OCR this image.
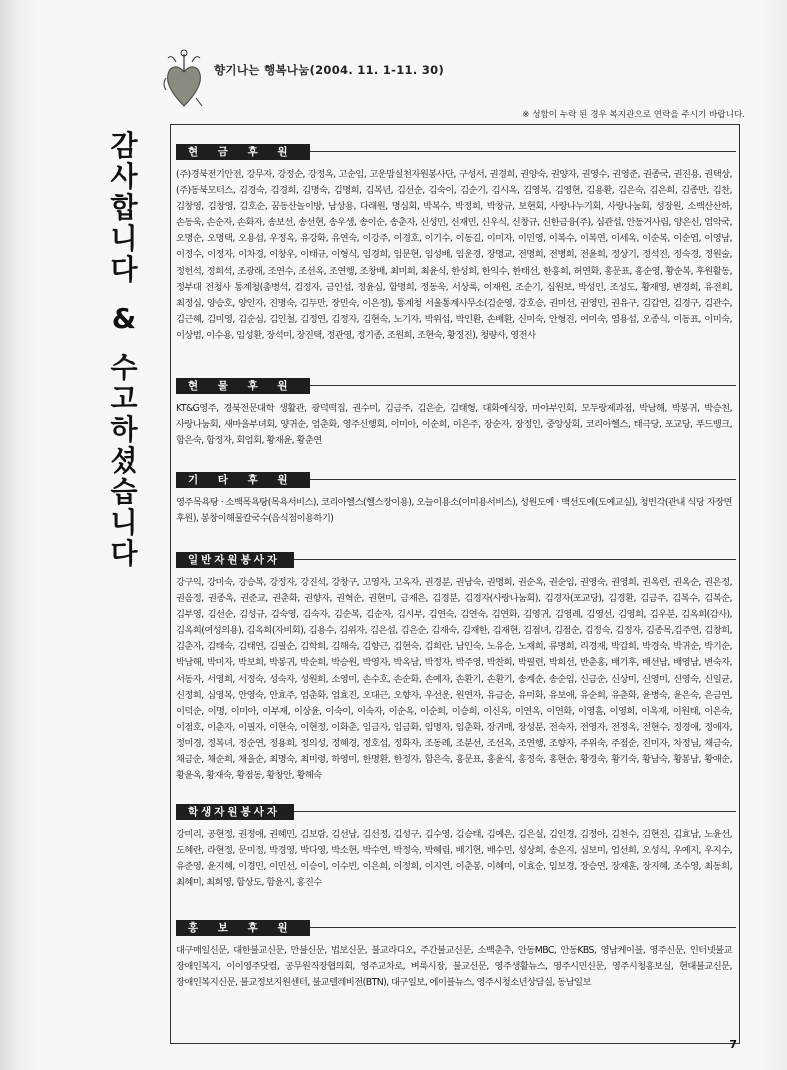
향기나는 행복나눔(2004. 11. 1-11. 30)
※ 성함이 누락 된 경우 복지관으로 연락을 주시기 바랍니다.
감
사
합
니
다
&
수
고
하
셨
습
니
다
현 금 후 원
(주)경북전기안전, 강무자, 강정순, 강정옥, 고순임, 고운맘실천자원봉사단, 구성서, 권경희, 권양숙, 권양자, 권영수, 권영준, 권종국, 권진용, 권택상, (주)동북모터스, 김경숙, 김경희, 김명숙, 김명희, 김복년, 김선순, 김숙이, 김순기, 김시옥, 김영복, 김영현, 김용환, 김은숙, 김은희, 김종만, 김찬, 김창영, 김창영, 김호순, 꿈동산놀이방, 남상용, 다래원, 명심회, 박복수, 박정희, 박창규, 보현회, 사랑나누기회, 사랑나눔회, 성장원, 소백산산하, 손동욱, 손순자, 손화자, 송보선, 송선현, 송우생, 송이순, 송춘자, 신성민, 신재민, 신우식, 신창규, 신한금융(주), 심관섭, 안동거사림, 양은신, 엄악국, 오명순, 오명택, 오용섭, 우정옥, 유강화, 유연숙, 이강주, 이경호, 이기수, 이동길, 이미자, 이민영, 이복수, 이복연, 이세옥, 이순복, 이순엽, 이영남, 이정수, 이정자, 이차경, 이창우, 이태규, 이형식, 임경희, 임문현, 임성배, 임운경, 장명교, 전명희, 전병희, 전윤희, 정상기, 정석진, 정숙경, 정원술, 정헌석, 정희석, 조광래, 조연수, 조선옥, 조연행, 조창배, 최미희, 최윤식, 한성희, 한익수, 한태선, 한흥희, 허연화, 홍문표, 홍순영, 황순복, 후원활동, 정부대 전청사 통계청(총병석, 김정자, 금인섭, 정윤심, 함명희, 정동욱, 서상록, 이재원, 조순기, 심원보, 박성인, 조성도, 황재영, 변경희, 유전희, 최정심, 양승호, 양인자, 진명숙, 김두만, 장민숙, 이은정), 통계청 서울통계사무소(김순영, 강호승, 권미선, 권영민, 권유구, 김갑연, 김경구, 김관수, 김근혜, 김미영, 김순심, 김인철, 김정연, 김정자, 김현숙, 노기자, 박위섭, 박인환, 손배환, 신미숙, 안형진, 여미숙, 염용섭, 오종식, 이동표, 이미숙, 이상범, 이수용, 임성환, 장석미, 장진택, 정관영, 정기종, 조원희, 조현숙, 황정진), 청량사, 영전사
현 물 후 원
KT&G영주, 경북전문대학 생활관, 광덕떡집, 권수미, 김금주, 김은순, 김태형, 대화예식장, 마야부인회, 모두랑제과점, 박남해, 박봉귀, 박승천, 사랑나눔회, 새마을부녀회, 양귀순, 엄춘화, 영주신행회, 이미아, 이순희, 이은주, 장순자, 장정인, 중앙상회, 코리아헬스, 태극당, 포교당, 푸드뱅크, 함은숙, 함정자, 회엄회, 황재윤, 황춘연
기 타 후 원
영주목욕탕 · 소백목욕탕(목욕서비스), 코리아헬스(헬스장이용), 오늘이용소(이미용서비스), 성원도예 · 백선도예(도예교실), 청빈각(관내 식당 자장면 후원), 봉창이해물칼국수(음식점이용하기)
일반자원봉사자
강구익, 강미숙, 강승복, 강정자, 강진석, 강창구, 고영자, 고옥자, 권경분, 권남숙, 권명희, 권순옥, 권순임, 권영숙, 권영희, 권옥련, 권옥순, 권은정, 권음정, 권종옥, 권준교, 권춘화, 권향자, 권혁순, 권현미, 금재은, 김경분, 김경자(사랑나눔회), 김경자(포교당), 김경환, 김금주, 김복수, 김복순, 김부영, 김선순, 김성규, 김숙영, 김숙자, 김순복, 김순자, 김시부, 김연숙, 김연숙, 김연화, 김영귀, 김영례, 김영선, 김영희, 김우분, 김옥희(감사), 김옥희(여성의용), 김옥희(자비회), 김용수, 김위자, 김은섭, 김은순, 김재숙, 김재한, 김재현, 김점녀, 김점순, 김정숙, 김정자, 김종목,김주연, 김창희, 김춘자, 김태숙, 김태연, 김필순, 김학희, 김해숙, 김향근, 김현숙, 김희란, 남인숙, 노유순, 노재희, 류명희, 리경재, 박갑희, 박경숙, 박귀순, 박기순, 박남해, 박미자, 박보희, 박봉귀, 박순희, 박승원, 박영자, 박옥남, 박정자, 박주영, 박찬희, 박필련, 박희선, 반춘홍, 배기후, 배선남, 배영남, 변숙자, 서동자, 서영희, 서정숙, 성숙자, 성원희, 소영미, 손수호, 손순화, 손예자, 손환기, 손환기, 송계순, 송순임, 신금순, 신상미, 신영미, 신영숙, 신일균, 신정희, 심영복, 안영숙, 안효주, 엄춘화, 엄효진, 오대근, 오향자, 우선운, 원연자, 유금순, 유미화, 유보애, 유순희, 유춘화, 윤병숙, 윤은숙, 은금연, 이덕순, 이명, 이미아, 이부재, 이상윤, 이숙이, 이숙자, 이순옥, 이순희, 이승희, 이신옥, 이연옥, 이연화, 이영흠, 이영희, 이옥재, 이원태, 이은숙, 이점호, 이춘자, 이필자, 이현숙, 이현정, 이화춘, 임금자, 임금화, 임명자, 임춘화, 장귀매, 장성분, 전숙자, 전영자, 전정옥, 전현수, 정경애, 정애자, 정미경, 정복녀, 정순연, 정용희, 정의성, 정혜경, 정호섭, 정화자, 조동례, 조분선, 조선옥, 조연행, 조향자, 주위숙, 주점순, 진미자, 차정님, 채금숙, 채금순, 채순희, 채을순, 최명숙, 최미령, 하영미, 한명환, 한정자, 함은숙, 홍문표, 홍윤식, 홍정숙, 홍현순, 황경숙, 황기숙, 황남숙, 황봉남, 황애순, 황윤옥, 황재숙, 황점동, 황창안, 황해숙
학생자원봉사자
강미리, 공현정, 권정애, 권혜민, 김보람, 김선남, 김선정, 김성구, 김수영, 김승태, 김예은, 김은실, 김인경, 김정아, 김천수, 김현진, 김효남, 노윤선, 도혜란, 라현정, 문미정, 박경영, 박다영, 박소현, 박수연, 박정숙, 박혜림, 배기현, 배수민, 성상희, 송은지, 심보미, 엄선희, 오성식, 우예지, 우지수, 유준영, 윤지혜, 이경민, 이민선, 이승이, 이수빈, 이은희, 이정희, 이지연, 이춘봉, 이혜미, 이효순, 임보경, 장승연, 장재훈, 장지혜, 조수영, 최동희, 최혜미, 최희영, 함상도, 함윤지, 홍진수
홍 보 후 원
대구매일신문, 대한불교신문, 만불신문, 법보신문, 불교라디오, 주간불교신문, 소백춘추, 안동MBC, 안동KBS, 영남케이블, 영주신문, 인터넷불교 장애인복지, 이이영주닷컴, 공무원직장협의회, 영주교차로, 벼룩시장, 불교신문, 영주생활뉴스, 영주시민신문, 영주시청홍보실, 현대불교신문, 장애인복지신문, 불교정보지원센터, 불교텔레비전(BTN), 대구일보, 에이블뉴스, 영주시청소년상담실, 동남일보
7
